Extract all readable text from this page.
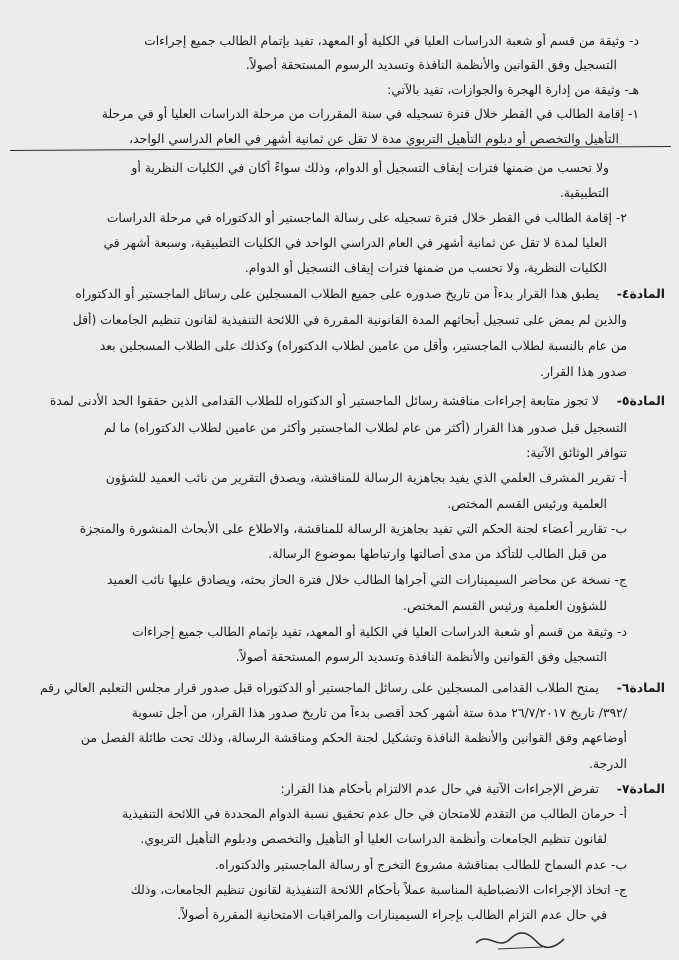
د- وثيقة من قسم أو شعبة الدراسات العليا في الكلية أو المعهد، تفيد بإتمام الطالب جميع إجراءات
التسجيل وفق القوانين والأنظمة النافذة وتسديد الرسوم المستحقة أصولاً.
هـ- وثيقة من إدارة الهجرة والجوازات، تفيد بالآتي:
١- إقامة الطالب في القطر خلال فترة تسجيله في سنة المقررات من مرحلة الدراسات العليا أو في مرحلة
التأهيل والتخصص أو دبلوم التأهيل التربوي مدة لا تقل عن ثمانية أشهر في العام الدراسي الواحد،
ولا تحسب من ضمنها فترات إيقاف التسجيل أو الدوام، وذلك سواءً أكان في الكليات النظرية أو
التطبيقية.
٢- إقامة الطالب في القطر خلال فترة تسجيله على رسالة الماجستير أو الدكتوراه في مرحلة الدراسات
العليا لمدة لا تقل عن ثمانية أشهر في العام الدراسي الواحد في الكليات التطبيقية، وسبعة أشهر في
الكليات النظرية، ولا تحسب من ضمنها فترات إيقاف التسجيل أو الدوام.
المادة٤-
يطبق هذا القرار بدءاً من تاريخ صدوره على جميع الطلاب المسجلين على رسائل الماجستير أو الدكتوراه
والذين لم يمض على تسجيل أبحاثهم المدة القانونية المقررة في اللائحة التنفيذية لقانون تنظيم الجامعات (أقل
من عام بالنسبة لطلاب الماجستير، وأقل من عامين لطلاب الدكتوراه) وكذلك على الطلاب المسجلين بعد
صدور هذا القرار.
المادة٥-
لا تجوز متابعة إجراءات مناقشة رسائل الماجستير أو الدكتوراه للطلاب القدامى الذين حققوا الحد الأدنى لمدة
التسجيل قبل صدور هذا القرار (أكثر من عام لطلاب الماجستير وأكثر من عامين لطلاب الدكتوراه) ما لم
تتوافر الوثائق الآتية:
أ- تقرير المشرف العلمي الذي يفيد بجاهزية الرسالة للمناقشة، ويصدق التقرير من نائب العميد للشؤون
العلمية ورئيس القسم المختص.
ب- تقارير أعضاء لجنة الحكم التي تفيد بجاهزية الرسالة للمناقشة، والاطلاع على الأبحاث المنشورة والمنجزة
من قبل الطالب للتأكد من مدى أصالتها وارتباطها بموضوع الرسالة.
ج- نسخة عن محاضر السيمينارات التي أجراها الطالب خلال فترة الحاز بحثه، ويصادق عليها نائب العميد
للشؤون العلمية ورئيس القسم المختص.
د- وثيقة من قسم أو شعبة الدراسات العليا في الكلية أو المعهد، تفيد بإتمام الطالب جميع إجراءات
التسجيل وفق القوانين والأنظمة النافذة وتسديد الرسوم المستحقة أصولاً.
المادة٦-
يمنح الطلاب القدامى المسجلين على رسائل الماجستير أو الدكتوراه قبل صدور قرار مجلس التعليم العالي رقم
/٣٩٢/ تاريخ ٢٦/٧/٢٠١٧ مدة ستة أشهر كحد أقصى بدءاً من تاريخ صدور هذا القرار، من أجل تسوية
أوضاعهم وفق القوانين والأنظمة النافذة وتشكيل لجنة الحكم ومناقشة الرسالة، وذلك تحت طائلة الفصل من
الدرجة.
المادة٧-
تفرض الإجراءات الآتية في حال عدم الالتزام بأحكام هذا القرار:
أ- حرمان الطالب من التقدم للامتحان في حال عدم تحقيق نسبة الدوام المحددة في اللائحة التنفيذية
لقانون تنظيم الجامعات وأنظمة الدراسات العليا أو التأهيل والتخصص ودبلوم التأهيل التربوي.
ب- عدم السماح للطالب بمناقشة مشروع التخرج أو رسالة الماجستير والدكتوراه.
ج- اتخاذ الإجراءات الانضباطية المناسبة عملاً بأحكام اللائحة التنفيذية لقانون تنظيم الجامعات، وذلك
في حال عدم التزام الطالب بإجراء السيمينارات والمراقبات الامتحانية المقررة أصولاً.
